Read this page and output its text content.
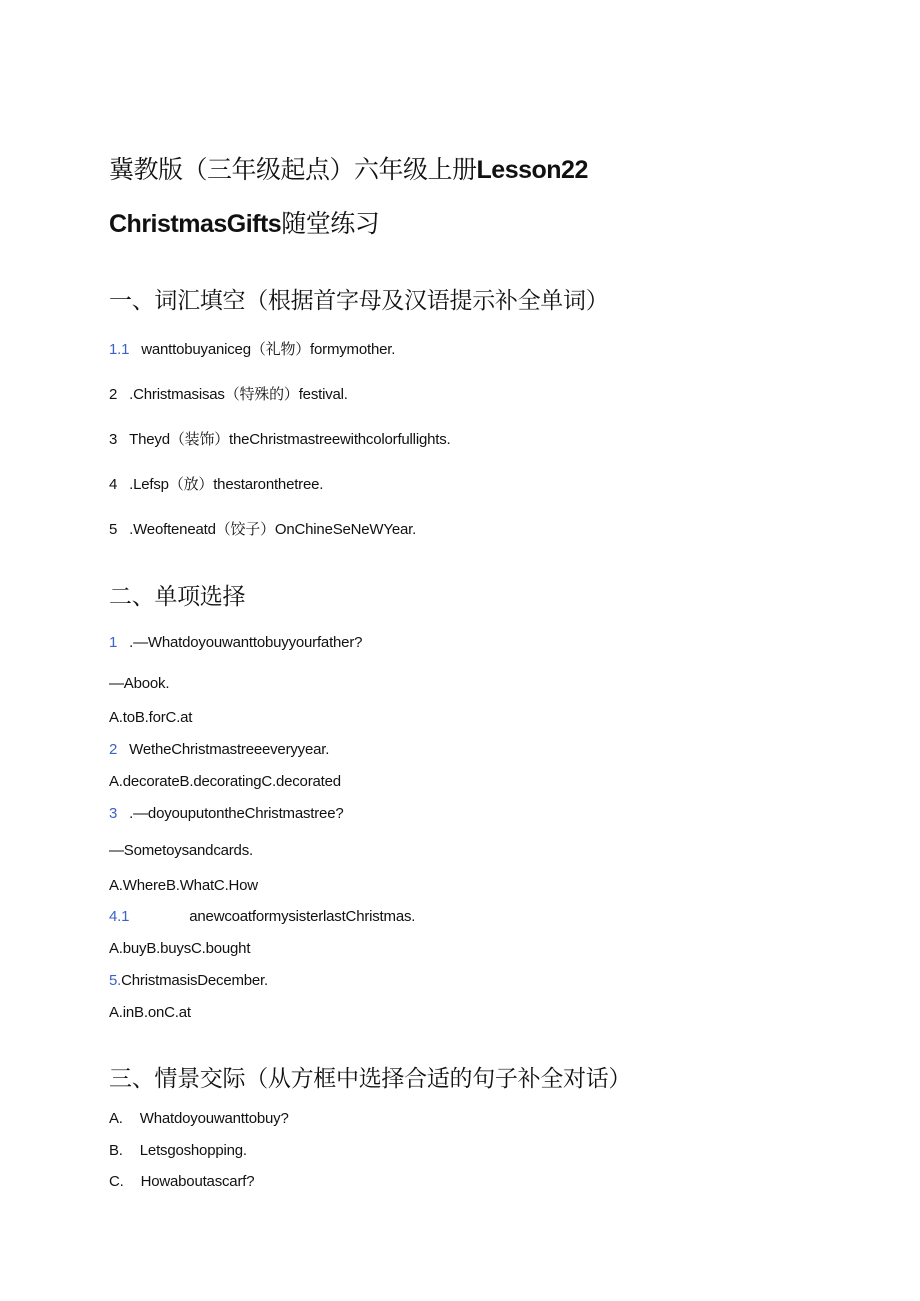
冀教版（三年级起点）六年级上册Lesson22
ChristmasGifts随堂练习
一、词汇填空（根据首字母及汉语提示补全单词）
1.1 wanttobuyaniceg（礼物）formymother.
2 .Christmasisas（特殊的）festival.
3 Theyd（装饰）theChristmastreewithcolorfullights.
4 .Lefsp（放）thestaronthetree.
5 .Weofteneatd（饺子）OnChineSeNeWYear.
二、单项选择
1 .—Whatdoyouwanttobuyyourfather?
—Abook.
A.toB.forC.at
2 WetheChristmastreeeveryyear.
A.decorateB.decoratingC.decorated
3 .—doyouputontheChristmastree?
—Sometoysandcards.
A.WhereB.WhatC.How
4.1	anewcoatformysisterlastChristmas.
A.buyB.buysC.bought
5.ChristmasisDecember.
A.inB.onC.at
三、情景交际（从方框中选择合适的句子补全对话）
A. Whatdoyouwanttobuy?
B. Letsgoshopping.
C. Howaboutascarf?
